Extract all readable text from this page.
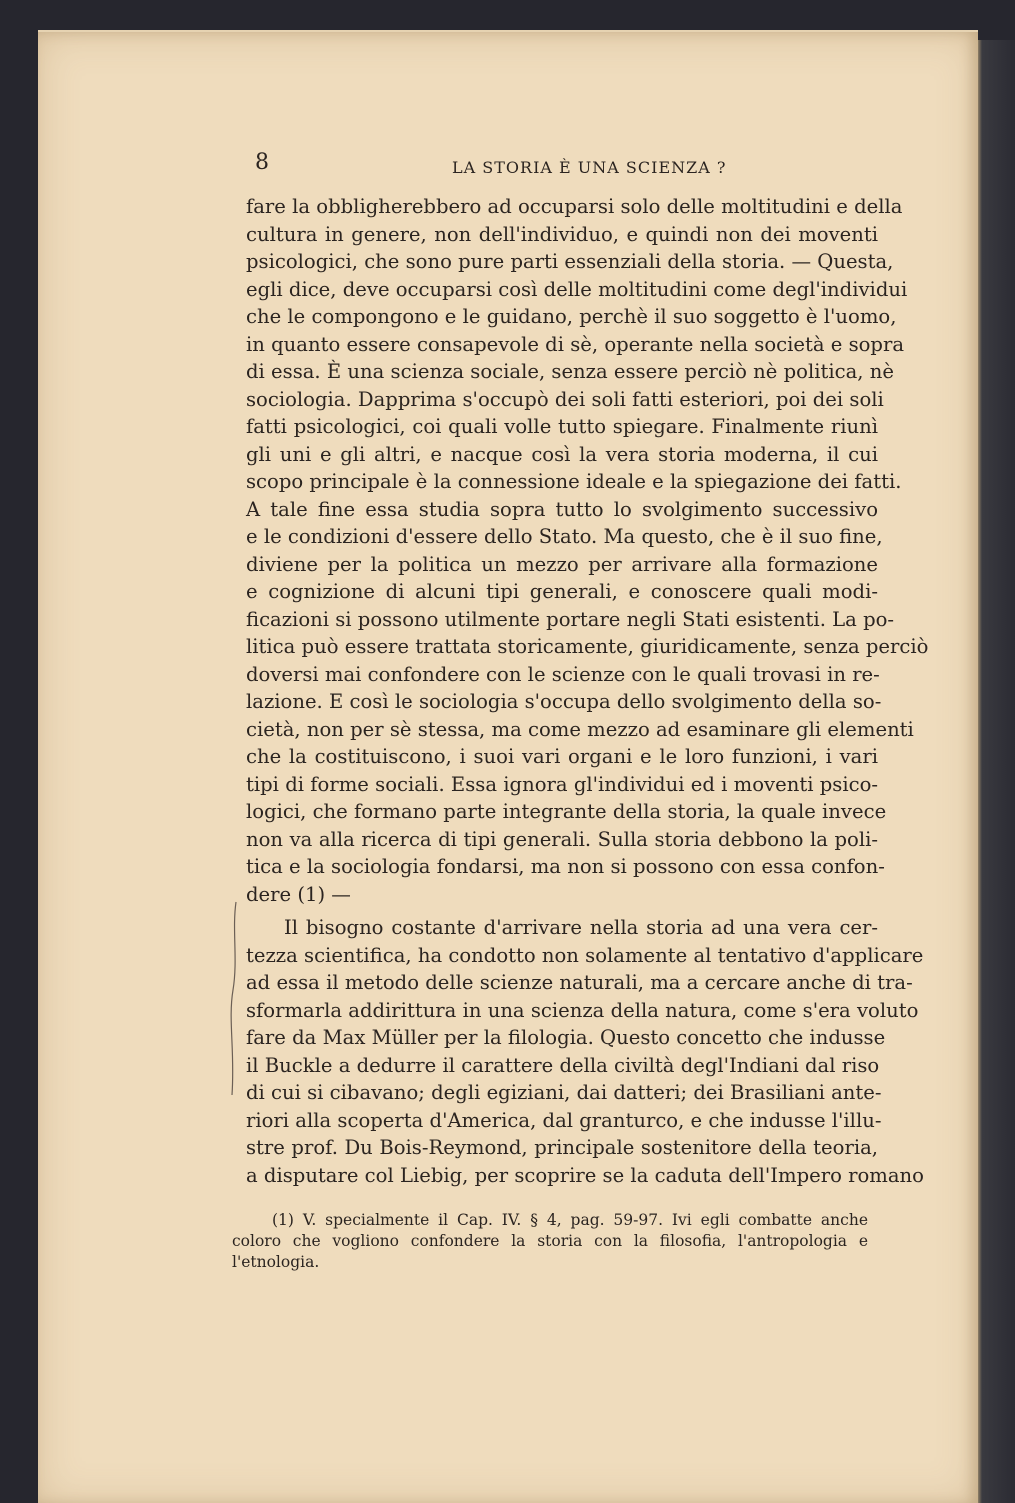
8	LA STORIA È UNA SCIENZA ?
fare la obbligherebbero ad occuparsi solo delle moltitudini e della
cultura in genere, non dell'individuo, e quindi non dei moventi
psicologici, che sono pure parti essenziali della storia. — Questa,
egli dice, deve occuparsi così delle moltitudini come degl'individui
che le compongono e le guidano, perchè il suo soggetto è l'uomo,
in quanto essere consapevole di sè, operante nella società e sopra
di essa. È una scienza sociale, senza essere perciò nè politica, nè
sociologia. Dapprima s'occupò dei soli fatti esteriori, poi dei soli
fatti psicologici, coi quali volle tutto spiegare. Finalmente riunì
gli uni e gli altri, e nacque così la vera storia moderna, il cui
scopo principale è la connessione ideale e la spiegazione dei fatti.
A tale fine essa studia sopra tutto lo svolgimento successivo
e le condizioni d'essere dello Stato. Ma questo, che è il suo fine,
diviene per la politica un mezzo per arrivare alla formazione
e cognizione di alcuni tipi generali, e conoscere quali modi-
ficazioni si possono utilmente portare negli Stati esistenti. La po-
litica può essere trattata storicamente, giuridicamente, senza perciò
doversi mai confondere con le scienze con le quali trovasi in re-
lazione. E così le sociologia s'occupa dello svolgimento della so-
cietà, non per sè stessa, ma come mezzo ad esaminare gli elementi
che la costituiscono, i suoi vari organi e le loro funzioni, i vari
tipi di forme sociali. Essa ignora gl'individui ed i moventi psico-
logici, che formano parte integrante della storia, la quale invece
non va alla ricerca di tipi generali. Sulla storia debbono la poli-
tica e la sociologia fondarsi, ma non si possono con essa confon-
dere (1) —
Il bisogno costante d'arrivare nella storia ad una vera cer-
tezza scientifica, ha condotto non solamente al tentativo d'applicare
ad essa il metodo delle scienze naturali, ma a cercare anche di tra-
sformarla addirittura in una scienza della natura, come s'era voluto
fare da Max Müller per la filologia. Questo concetto che indusse
il Buckle a dedurre il carattere della civiltà degl'Indiani dal riso
di cui si cibavano; degli egiziani, dai datteri; dei Brasiliani ante-
riori alla scoperta d'America, dal granturco, e che indusse l'illu-
stre prof. Du Bois-Reymond, principale sostenitore della teoria,
a disputare col Liebig, per scoprire se la caduta dell'Impero romano
(1) V. specialmente il Cap. IV. § 4, pag. 59-97. Ivi egli combatte anche
coloro che vogliono confondere la storia con la filosofia, l'antropologia e
l'etnologia.
